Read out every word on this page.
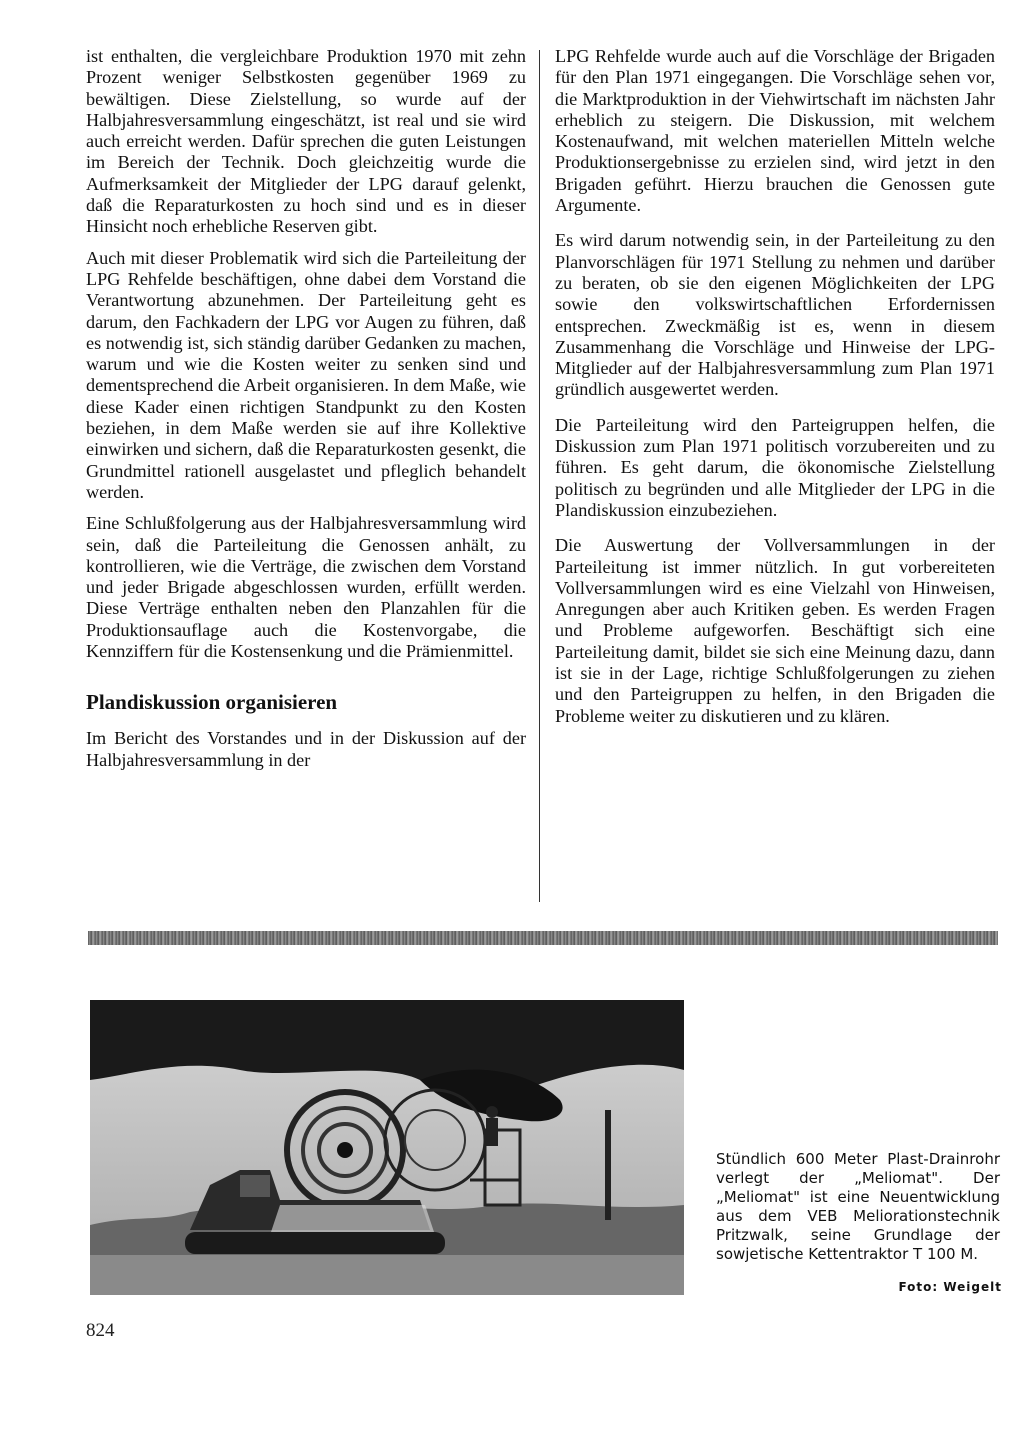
ist enthalten, die vergleichbare Produktion 1970 mit zehn Prozent weniger Selbstkosten gegenüber 1969 zu bewältigen. Diese Zielstellung, so wurde auf der Halbjahresversammlung eingeschätzt, ist real und sie wird auch erreicht werden. Dafür sprechen die guten Leistungen im Bereich der Technik. Doch gleichzeitig wurde die Aufmerksamkeit der Mitglieder der LPG darauf gelenkt, daß die Reparaturkosten zu hoch sind und es in dieser Hinsicht noch erhebliche Reserven gibt.

Auch mit dieser Problematik wird sich die Parteileitung der LPG Rehfelde beschäftigen, ohne dabei dem Vorstand die Verantwortung abzunehmen. Der Parteileitung geht es darum, den Fachkadern der LPG vor Augen zu führen, daß es notwendig ist, sich ständig darüber Gedanken zu machen, warum und wie die Kosten weiter zu senken sind und dementsprechend die Arbeit organisieren. In dem Maße, wie diese Kader einen richtigen Standpunkt zu den Kosten beziehen, in dem Maße werden sie auf ihre Kollektive einwirken und sichern, daß die Reparaturkosten gesenkt, die Grundmittel rationell ausgelastet und pfleglich behandelt werden.

Eine Schlußfolgerung aus der Halbjahresversammlung wird sein, daß die Parteileitung die Genossen anhält, zu kontrollieren, wie die Verträge, die zwischen dem Vorstand und jeder Brigade abgeschlossen wurden, erfüllt werden. Diese Verträge enthalten neben den Planzahlen für die Produktionsauflage auch die Kostenvorgabe, die Kennziffern für die Kostensenkung und die Prämienmittel.

Plandiskussion organisieren

Im Bericht des Vorstandes und in der Diskussion auf der Halbjahresversammlung in der

LPG Rehfelde wurde auch auf die Vorschläge der Brigaden für den Plan 1971 eingegangen. Die Vorschläge sehen vor, die Marktproduktion in der Viehwirtschaft im nächsten Jahr erheblich zu steigern. Die Diskussion, mit welchem Kostenaufwand, mit welchen materiellen Mitteln welche Produktionsergebnisse zu erzielen sind, wird jetzt in den Brigaden geführt. Hierzu brauchen die Genossen gute Argumente.

Es wird darum notwendig sein, in der Parteileitung zu den Planvorschlägen für 1971 Stellung zu nehmen und darüber zu beraten, ob sie den eigenen Möglichkeiten der LPG sowie den volkswirtschaftlichen Erfordernissen entsprechen. Zweckmäßig ist es, wenn in diesem Zusammenhang die Vorschläge und Hinweise der LPG-Mitglieder auf der Halbjahresversammlung zum Plan 1971 gründlich ausgewertet werden.

Die Parteileitung wird den Parteigruppen helfen, die Diskussion zum Plan 1971 politisch vorzubereiten und zu führen. Es geht darum, die ökonomische Zielstellung politisch zu begründen und alle Mitglieder der LPG in die Plandiskussion einzubeziehen.

Die Auswertung der Vollversammlungen in der Parteileitung ist immer nützlich. In gut vorbereiteten Vollversammlungen wird es eine Vielzahl von Hinweisen, Anregungen aber auch Kritiken geben. Es werden Fragen und Probleme aufgeworfen. Beschäftigt sich eine Parteileitung damit, bildet sie sich eine Meinung dazu, dann ist sie in der Lage, richtige Schlußfolgerungen zu ziehen und den Parteigruppen zu helfen, in den Brigaden die Probleme weiter zu diskutieren und zu klären.

Stündlich 600 Meter Plast-Drainrohr verlegt der „Meliomat". Der „Meliomat" ist eine Neuentwicklung aus dem VEB Meliorationstechnik Pritzwalk, seine Grundlage der sowjetische Kettentraktor T 100 M.
Foto: Weigelt
824
